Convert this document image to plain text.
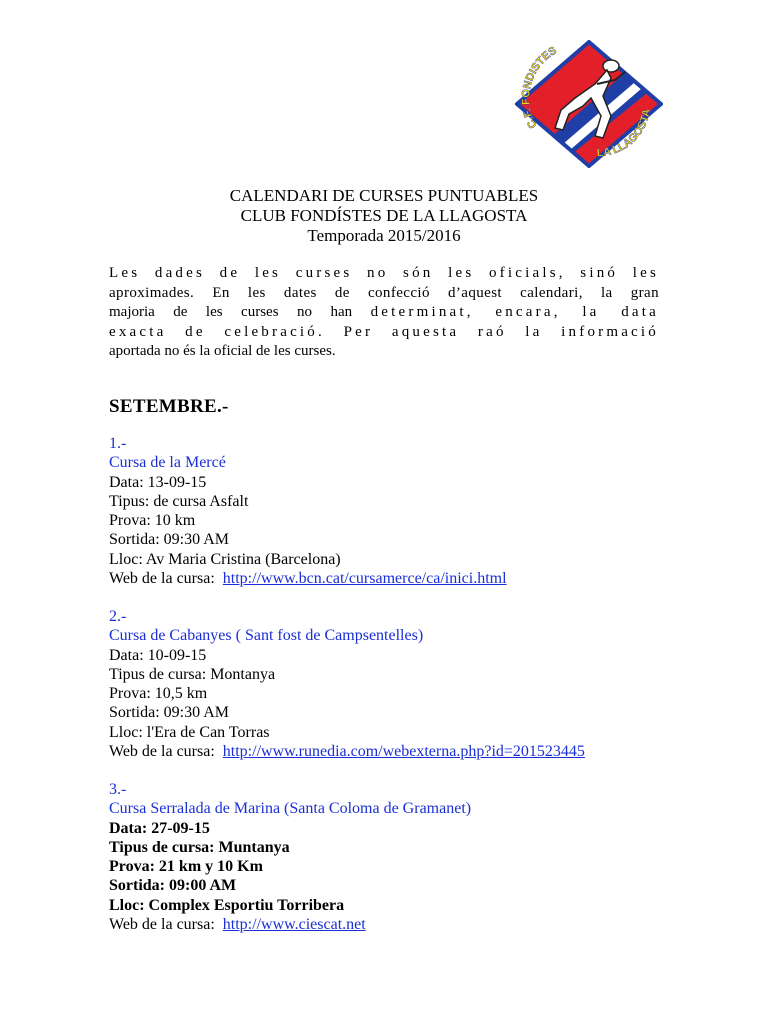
C.F. FONDISTES
LA LLAGOSTA
CALENDARI DE CURSES PUNTUABLES
CLUB FONDÍSTES DE LA LLAGOSTA
Temporada 2015/2016
Les dades de les curses no són les oficials, sinó les
aproximades. En les dates de confecció d’aquest calendari, la gran
majoria de les curses no han determinat, encara, la data
exacta de celebració. Per aquesta raó la informació
aportada no és la oficial de les curses.
SETEMBRE.-
1.-
Cursa de la Mercé
Data: 13-09-15
Tipus: de cursa Asfalt
Prova: 10 km
Sortida: 09:30 AM
Lloc: Av Maria Cristina (Barcelona)
Web de la cursa:  http://www.bcn.cat/cursamerce/ca/inici.html
2.-
Cursa de Cabanyes ( Sant fost de Campsentelles)
Data: 10-09-15
Tipus de cursa: Montanya
Prova: 10,5 km
Sortida: 09:30 AM
Lloc: l'Era de Can Torras
Web de la cursa:  http://www.runedia.com/webexterna.php?id=201523445
3.-
Cursa Serralada de Marina (Santa Coloma de Gramanet)
Data: 27-09-15
Tipus de cursa: Muntanya
Prova: 21 km y 10 Km
Sortida: 09:00 AM
Lloc: Complex Esportiu Torribera
Web de la cursa:  http://www.ciescat.net
